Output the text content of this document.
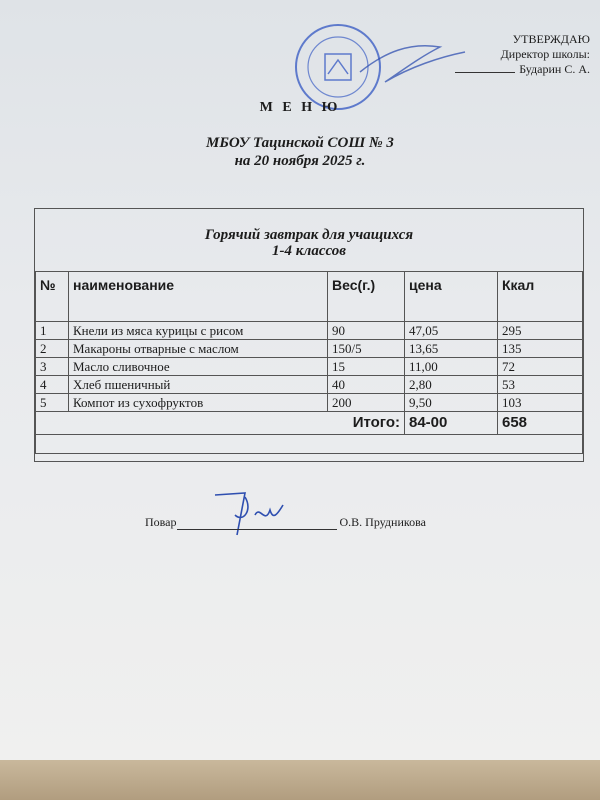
УТВЕРЖДАЮ
Директор школы:
Бударин С. А.
М Е Н Ю
МБОУ Тацинской СОШ № 3
на 20 ноября 2025 г.
Горячий завтрак для учащихся
1-4 классов
№	наименование	Вес(г.)	цена	Ккал
1	Кнели из мяса курицы с рисом	90	47,05	295
2	Макароны отварные с маслом	150/5	13,65	135
3	Масло сливочное	15	11,00	72
4	Хлеб пшеничный	40	2,80	53
5	Компот из сухофруктов	200	9,50	103
Итого:			84-00	658

Повар	О.В. Прудникова
